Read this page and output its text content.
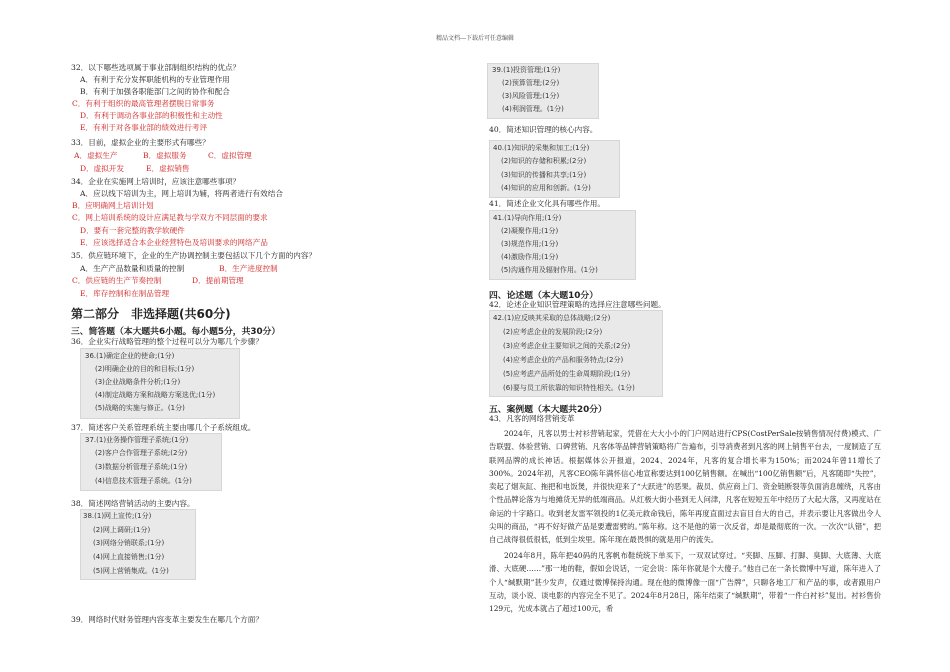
精品文档---下载后可任意编辑
32．以下哪些选项属于事业部制组织结构的优点？
A．有利于充分发挥职能机构的专业管理作用
B．有利于加强各职能部门之间的协作和配合
C．有利于组织的最高管理者摆脱日常事务
D．有利于调动各事业部的积极性和主动性
E．有利于对各事业部的绩效进行考评
33．目前，虚拟企业的主要形式有哪些？
A．虚拟生产	B．虚拟服务	C．虚拟管理
D．虚拟开发	E．虚拟销售
34．企业在实施网上培训时，应该注意哪些事项？
A．应以线下培训为主，网上培训为辅，将两者进行有效结合
B．应明确网上培训计划
C．网上培训系统的设计应满足教与学双方不同层面的要求
D．要有一套完整的教学软硬件
E．应该选择适合本企业经营特色及培训要求的网络产品
35．供应链环境下，企业的生产协调控制主要包括以下几个方面的内容？
A．生产产品数量和质量的控制	B．生产进度控制
C．供应链的生产节奏控制	D．提前期管理
E．库存控制和在制品管理
第二部分　非选择题(共60分)
三、简答题（本大题共6小题。每小题5分，共30分）
36．企业实行战略管理的整个过程可以分为哪几个步骤？
36.(1)确定企业的使命;(1分)
(2)明确企业的目的和目标;(1分)
(3)企业战略条件分析;(1分)
(4)制定战略方案和战略方案选优;(1分)
(5)战略的实施与修正。(1分)
37．简述客户关系管理系统主要由哪几个子系统组成。
37.(1)业务操作管理子系统;(1分)
(2)客户合作管理子系统;(2分)
(3)数据分析管理子系统;(1分)
(4)信息技术管理子系统。(1分)
38．简述网络营销活动的主要内容。
38.(1)网上宣传;(1分)
(2)网上调研;(1分)
(3)网络分销联系;(1分)
(4)网上直接销售;(1分)
(5)网上营销集成。(1分)
39．网络时代财务管理内容变革主要发生在哪几个方面？
39.(1)投资管理;(1分)
(2)预算管理;(2分)
(3)风险管理;(1分)
(4)利润管理。(1分)
40．简述知识管理的核心内容。
40.(1)知识的采集和加工;(1分)
(2)知识的存储和积累;(2分)
(3)知识的传播和共享;(1分)
(4)知识的应用和创新。(1分)
41．简述企业文化具有哪些作用。
41.(1)导向作用;(1分)
(2)凝聚作用;(1分)
(3)规范作用;(1分)
(4)激励作用;(1分)
(5)沟通作用及辐射作用。(1分)
四、论述题（本大题10分）
42．论述企业知识管理策略的选择应注意哪些问题。
42.(1)应反映其采取的总体战略;(2分)
(2)应考虑企业的发展阶段;(2分)
(3)应考虑企业主要知识之间的关系;(2分)
(4)应考虑企业的产品和服务特点;(2分)
(5)应考虑产品所处的生命周期阶段;(1分)
(6)要与员工所依靠的知识特性相关。(1分)
五、案例题（本大题共20分）
43．凡客的网络营销变革
2024年，凡客以男士衬衫营销起家，凭借在大大小小的门户网站进行CPS(CostPerSale按销售情况付费)模式、广告联盟、体验营销、口碑营销、凡客体等品牌营销策略将广告遍布，引导消费者到凡客的网上销售平台去，一度制造了互联网品牌的成长神话。根据媒体公开报道，2024、2024年，凡客的复合增长率为150%；而2024年曾11增长了300%。2024年初，凡客CEO陈年满怀信心地宣称要达到100亿销售额。在喊出“100亿销售额”后，凡客随即“失控”，卖起了烟灰缸、拖把和电饭煲，并很快迎来了“大跃进”的恶果。裁员、供应商上门、资金链断裂等负面消息缠绕，凡客由个性品牌论落为与地摊货无异的低端商品。从红极大街小巷到无人问津，凡客在短短五年中经历了大起大落，又再度站在命运的十字路口。收到老友雷军领投的1亿美元救命钱后，陈年再度直面过去盲目自大的自己，并表示要让凡客做出令人尖叫的商品，“再不好好做产品是要遭雷劈的。”陈年称。这不是他的第一次反省，却是最彻底的一次。一次次“认错”，把自己战得很低很低，低到尘埃里。陈年现在最畏惧的就是用户的流失。
2024年8月，陈年把40码的凡客帆布鞋统统下单买下，一双双试穿过。“夹脚、压脚、打脚、臭脚、大底薄、大底滑、大底硬……”那一地的鞋，假如会说话，一定会说：陈年你就是个大傻子。”他自己在一条长微博中写道，陈年进入了个人“缄默期”甚少发声，仅通过微博保持沟通。现在他的微博像一面“广告牌”，只聊各地工厂和产品的事，或者跟用户互动，谈小说、谈电影的内容完全不见了。2024年8月28日，陈年结束了“缄默期”，带着“一件白衬衫”复出。衬衫售价129元，光成本就占了超过100元，希
